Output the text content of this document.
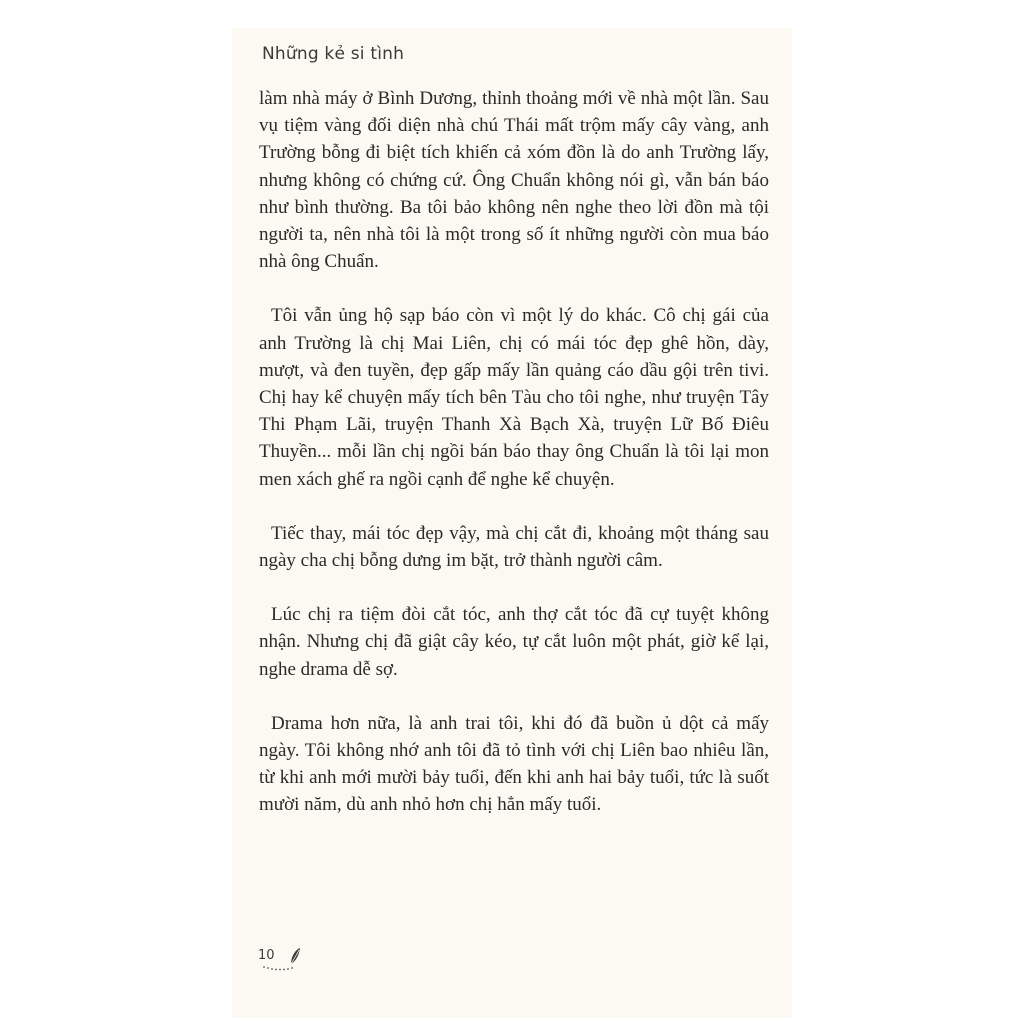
Những kẻ si tình

làm nhà máy ở Bình Dương, thỉnh thoảng mới về nhà một lần. Sau vụ tiệm vàng đối diện nhà chú Thái mất trộm mấy cây vàng, anh Trường bỗng đi biệt tích khiến cả xóm đồn là do anh Trường lấy, nhưng không có chứng cứ. Ông Chuẩn không nói gì, vẫn bán báo như bình thường. Ba tôi bảo không nên nghe theo lời đồn mà tội người ta, nên nhà tôi là một trong số ít những người còn mua báo nhà ông Chuẩn.

Tôi vẫn ủng hộ sạp báo còn vì một lý do khác. Cô chị gái của anh Trường là chị Mai Liên, chị có mái tóc đẹp ghê hồn, dày, mượt, và đen tuyền, đẹp gấp mấy lần quảng cáo dầu gội trên tivi. Chị hay kể chuyện mấy tích bên Tàu cho tôi nghe, như truyện Tây Thi Phạm Lãi, truyện Thanh Xà Bạch Xà, truyện Lữ Bố Điêu Thuyền... mỗi lần chị ngồi bán báo thay ông Chuẩn là tôi lại mon men xách ghế ra ngồi cạnh để nghe kể chuyện.

Tiếc thay, mái tóc đẹp vậy, mà chị cắt đi, khoảng một tháng sau ngày cha chị bỗng dưng im bặt, trở thành người câm.

Lúc chị ra tiệm đòi cắt tóc, anh thợ cắt tóc đã cự tuyệt không nhận. Nhưng chị đã giật cây kéo, tự cắt luôn một phát, giờ kể lại, nghe drama dễ sợ.

Drama hơn nữa, là anh trai tôi, khi đó đã buồn ủ dột cả mấy ngày. Tôi không nhớ anh tôi đã tỏ tình với chị Liên bao nhiêu lần, từ khi anh mới mười bảy tuổi, đến khi anh hai bảy tuổi, tức là suốt mười năm, dù anh nhỏ hơn chị hẳn mấy tuổi.

10
